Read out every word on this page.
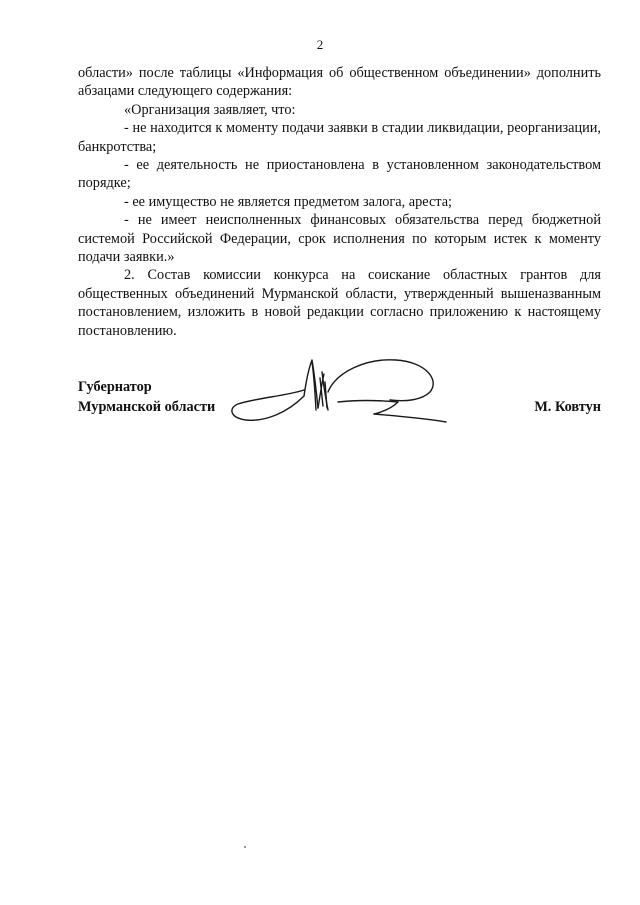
2

области» после таблицы «Информация об общественном объединении» дополнить абзацами следующего содержания:

«Организация заявляет, что:

- не находится к моменту подачи заявки в стадии ликвидации, реорганизации, банкротства;

- ее деятельность не приостановлена в установленном законодательством порядке;

- ее имущество не является предметом залога, ареста;

- не имеет неисполненных финансовых обязательства перед бюджетной системой Российской Федерации, срок исполнения по которым истек к моменту подачи заявки.»

2. Состав комиссии конкурса на соискание областных грантов для общественных объединений Мурманской области, утвержденный вышеназванным постановлением, изложить в новой редакции согласно приложению к настоящему постановлению.

Губернатор
Мурманской области	М. Ковтун
